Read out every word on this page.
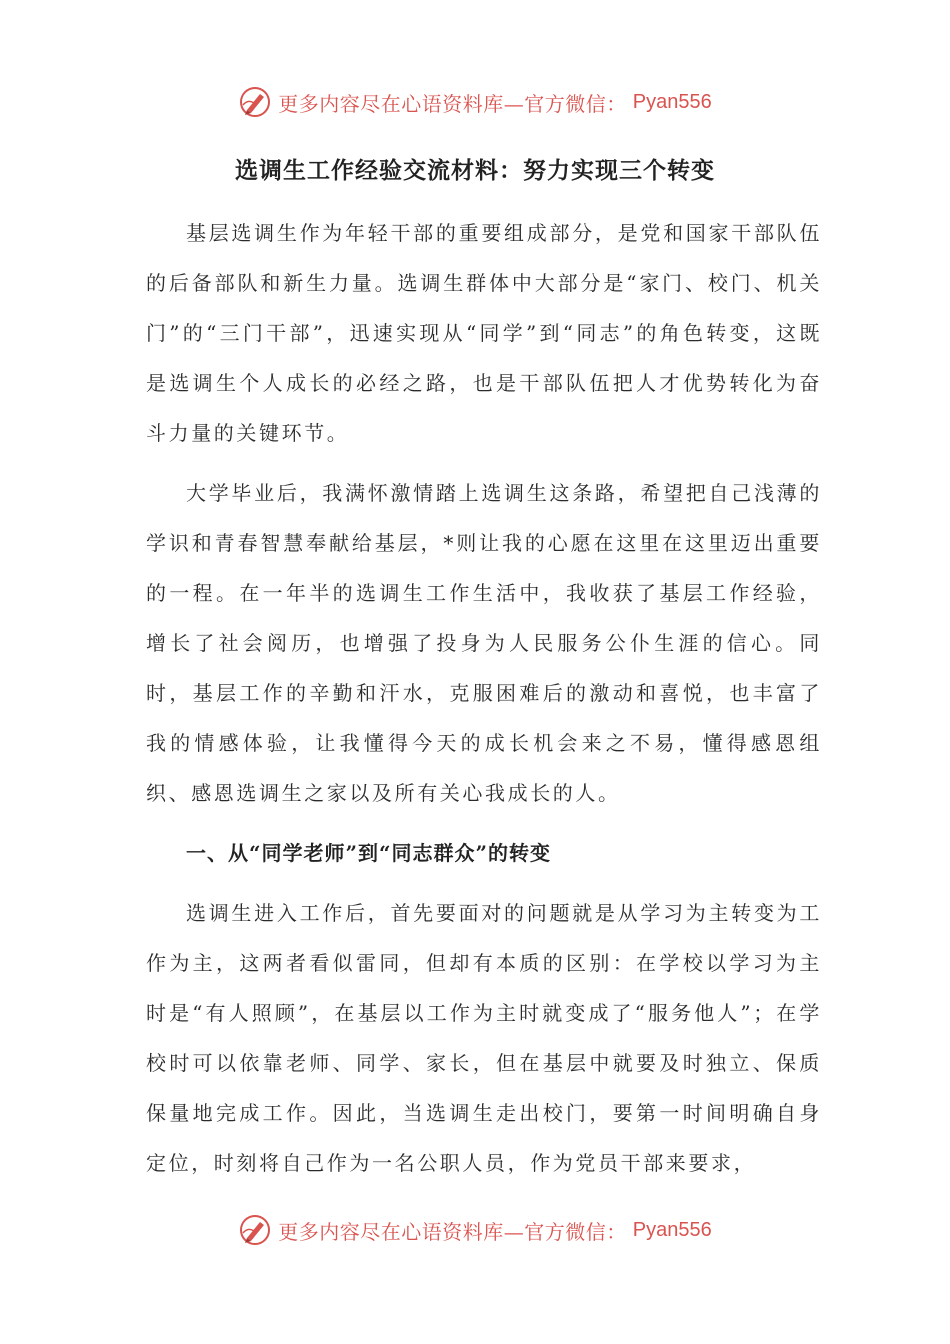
更多内容尽在心语资料库—官方微信： Pyan556
选调生工作经验交流材料：努力实现三个转变

基层选调生作为年轻干部的重要组成部分，是党和国家干部队伍的后备部队和新生力量。选调生群体中大部分是“家门、校门、机关门”的“三门干部”，迅速实现从“同学”到“同志”的角色转变，这既是选调生个人成长的必经之路，也是干部队伍把人才优势转化为奋斗力量的关键环节。

大学毕业后，我满怀激情踏上选调生这条路，希望把自己浅薄的学识和青春智慧奉献给基层，*则让我的心愿在这里在这里迈出重要的一程。在一年半的选调生工作生活中，我收获了基层工作经验，增长了社会阅历，也增强了投身为人民服务公仆生涯的信心。同时，基层工作的辛勤和汗水，克服困难后的激动和喜悦，也丰富了我的情感体验，让我懂得今天的成长机会来之不易，懂得感恩组织、感恩选调生之家以及所有关心我成长的人。

一、从“同学老师”到“同志群众”的转变

选调生进入工作后，首先要面对的问题就是从学习为主转变为工作为主，这两者看似雷同，但却有本质的区别：在学校以学习为主时是“有人照顾”，在基层以工作为主时就变成了“服务他人”；在学校时可以依靠老师、同学、家长，但在基层中就要及时独立、保质保量地完成工作。因此，当选调生走出校门，要第一时间明确自身定位，时刻将自己作为一名公职人员，作为党员干部来要求，

更多内容尽在心语资料库—官方微信： Pyan556
